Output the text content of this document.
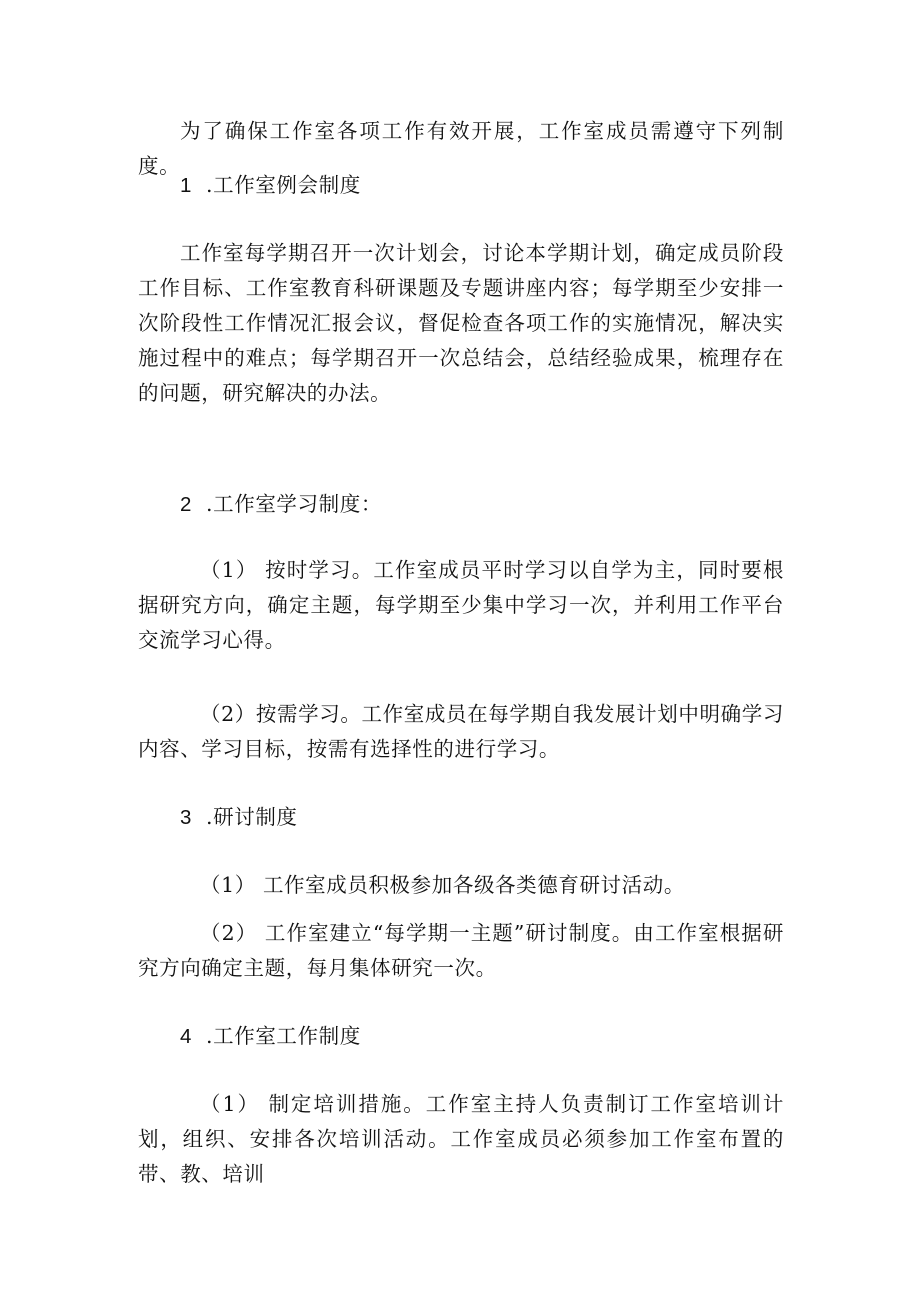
为了确保工作室各项工作有效开展，工作室成员需遵守下列制度。

1 .工作室例会制度

工作室每学期召开一次计划会，讨论本学期计划，确定成员阶段工作目标、工作室教育科研课题及专题讲座内容；每学期至少安排一次阶段性工作情况汇报会议，督促检查各项工作的实施情况，解决实施过程中的难点；每学期召开一次总结会，总结经验成果，梳理存在的问题，研究解决的办法。

2 .工作室学习制度：

（1） 按时学习。工作室成员平时学习以自学为主，同时要根据研究方向，确定主题，每学期至少集中学习一次，并利用工作平台交流学习心得。

（2）按需学习。工作室成员在每学期自我发展计划中明确学习内容、学习目标，按需有选择性的进行学习。

3 .研讨制度

（1） 工作室成员积极参加各级各类德育研讨活动。

（2） 工作室建立“每学期一主题”研讨制度。由工作室根据研究方向确定主题，每月集体研究一次。

4 .工作室工作制度

（1） 制定培训措施。工作室主持人负责制订工作室培训计划，组织、安排各次培训活动。工作室成员必须参加工作室布置的带、教、培训
